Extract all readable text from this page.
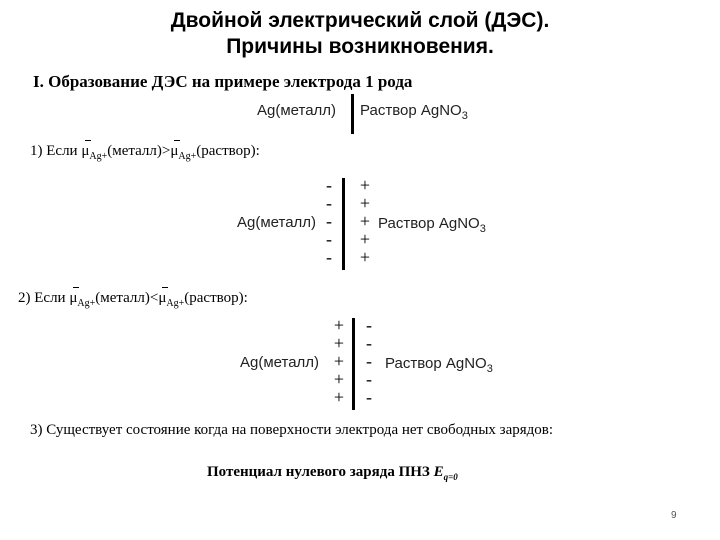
Двойной электрический слой (ДЭС).
Причины возникновения.
I. Образование ДЭС на примере электрода 1 рода
Ag(металл) Раствор AgNO$_3$
1) Если
$\mu_{Ag+}(металл)>$
$\mu_{Ag+}(раствор)$:
Ag(металл)
-
-
-
-
-
+
+
+
+
+
Раствор AgNO$_3$
2) Если
$\mu_{Ag+}(металл)<$
$\mu_{Ag+}(раствор)$:
Ag(металл)
+
+
+
+
+
-
-
-
-
-
Раствор AgNO$_3$
3) Существует состояние когда на поверхности электрода нет свободных зарядов:
Потенциал нулевого заряда ПНЗ $E_{q=0}$
9
